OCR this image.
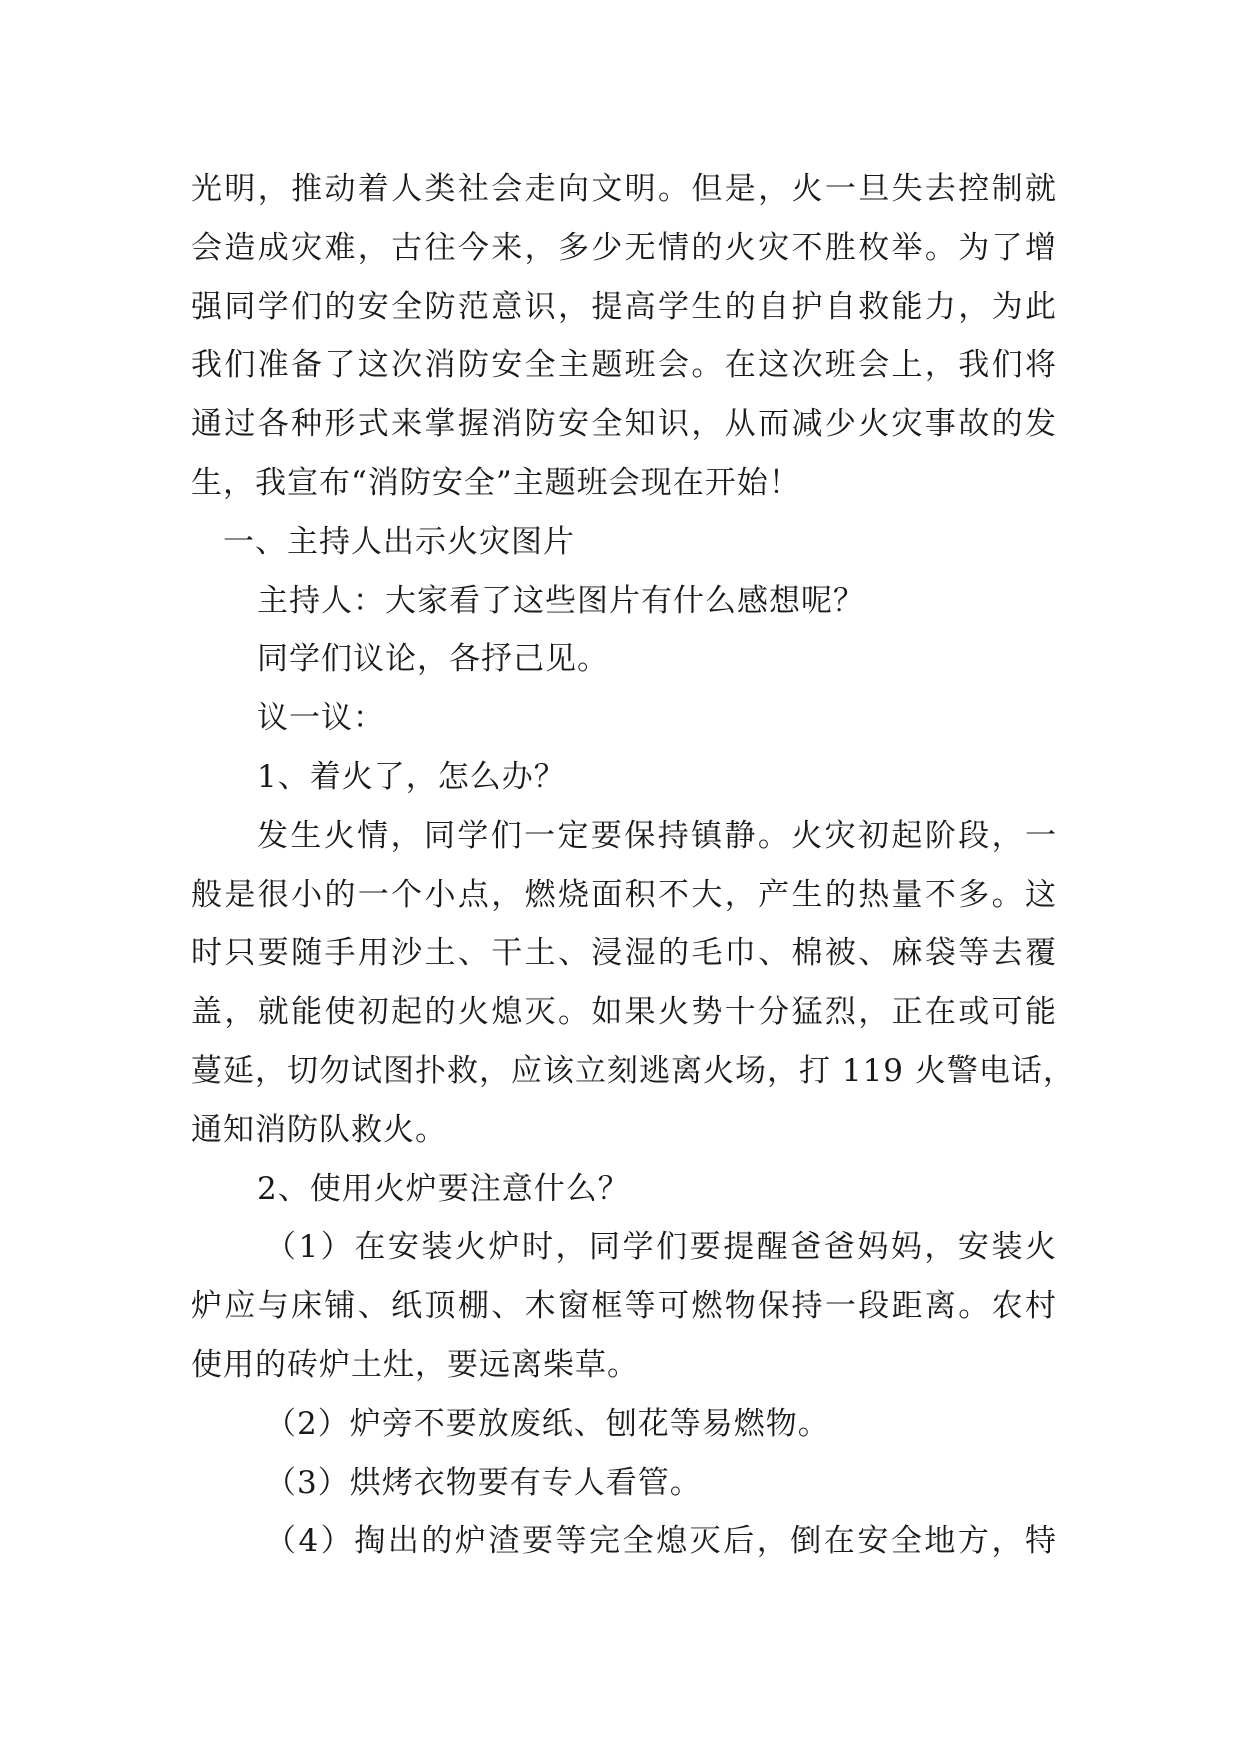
光明，推动着人类社会走向文明。但是，火一旦失去控制就
会造成灾难，古往今来，多少无情的火灾不胜枚举。为了增
强同学们的安全防范意识，提高学生的自护自救能力，为此
我们准备了这次消防安全主题班会。在这次班会上，我们将
通过各种形式来掌握消防安全知识，从而减少火灾事故的发
生，我宣布“消防安全”主题班会现在开始！
一、主持人出示火灾图片
主持人：大家看了这些图片有什么感想呢？
同学们议论，各抒己见。
议一议：
1、着火了，怎么办？
发生火情，同学们一定要保持镇静。火灾初起阶段，一
般是很小的一个小点，燃烧面积不大，产生的热量不多。这
时只要随手用沙土、干土、浸湿的毛巾、棉被、麻袋等去覆
盖，就能使初起的火熄灭。如果火势十分猛烈，正在或可能
蔓延，切勿试图扑救，应该立刻逃离火场，打 119 火警电话，
通知消防队救火。
2、使用火炉要注意什么？
（1）在安装火炉时，同学们要提醒爸爸妈妈，安装火
炉应与床铺、纸顶棚、木窗框等可燃物保持一段距离。农村
使用的砖炉土灶，要远离柴草。
（2）炉旁不要放废纸、刨花等易燃物。
（3）烘烤衣物要有专人看管。
（4）掏出的炉渣要等完全熄灭后，倒在安全地方，特
